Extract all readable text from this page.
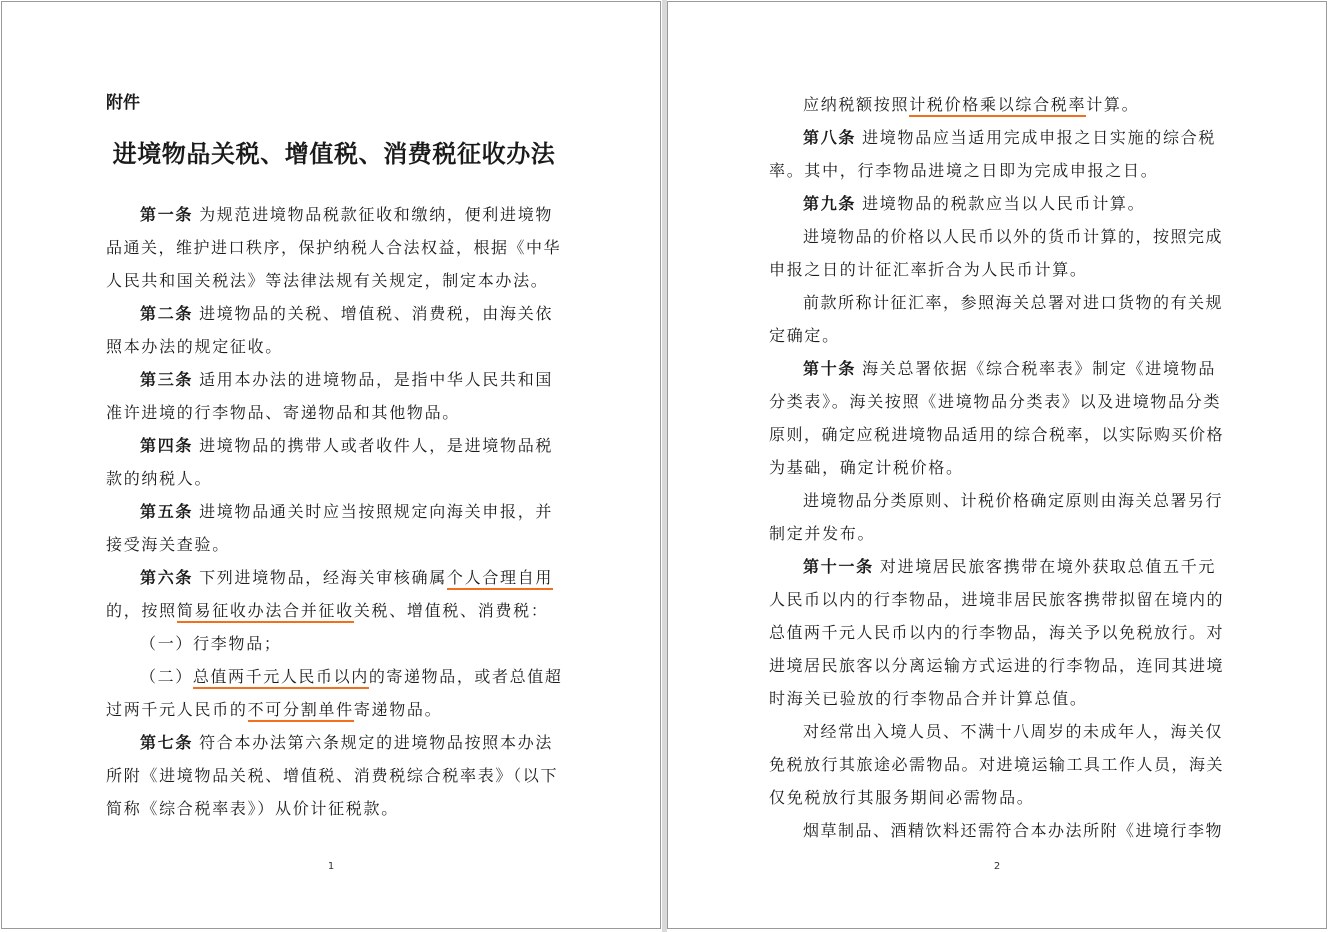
附件
进境物品关税、增值税、消费税征收办法
第一条 为规范进境物品税款征收和缴纳，便利进境物
品通关，维护进口秩序，保护纳税人合法权益，根据《中华
人民共和国关税法》等法律法规有关规定，制定本办法。
第二条 进境物品的关税、增值税、消费税，由海关依
照本办法的规定征收。
第三条 适用本办法的进境物品，是指中华人民共和国
准许进境的行李物品、寄递物品和其他物品。
第四条 进境物品的携带人或者收件人，是进境物品税
款的纳税人。
第五条 进境物品通关时应当按照规定向海关申报，并
接受海关查验。
第六条 下列进境物品，经海关审核确属个人合理自用
的，按照简易征收办法合并征收关税、增值税、消费税：
（一）行李物品；
（二）总值两千元人民币以内的寄递物品，或者总值超
过两千元人民币的不可分割单件寄递物品。
第七条 符合本办法第六条规定的进境物品按照本办法
所附《进境物品关税、增值税、消费税综合税率表》（以下
简称《综合税率表》）从价计征税款。
1
应纳税额按照计税价格乘以综合税率计算。
第八条 进境物品应当适用完成申报之日实施的综合税
率。其中，行李物品进境之日即为完成申报之日。
第九条 进境物品的税款应当以人民币计算。
进境物品的价格以人民币以外的货币计算的，按照完成
申报之日的计征汇率折合为人民币计算。
前款所称计征汇率，参照海关总署对进口货物的有关规
定确定。
第十条 海关总署依据《综合税率表》制定《进境物品
分类表》。海关按照《进境物品分类表》以及进境物品分类
原则，确定应税进境物品适用的综合税率，以实际购买价格
为基础，确定计税价格。
进境物品分类原则、计税价格确定原则由海关总署另行
制定并发布。
第十一条 对进境居民旅客携带在境外获取总值五千元
人民币以内的行李物品，进境非居民旅客携带拟留在境内的
总值两千元人民币以内的行李物品，海关予以免税放行。对
进境居民旅客以分离运输方式运进的行李物品，连同其进境
时海关已验放的行李物品合并计算总值。
对经常出入境人员、不满十八周岁的未成年人，海关仅
免税放行其旅途必需物品。对进境运输工具工作人员，海关
仅免税放行其服务期间必需物品。
烟草制品、酒精饮料还需符合本办法所附《进境行李物
2
